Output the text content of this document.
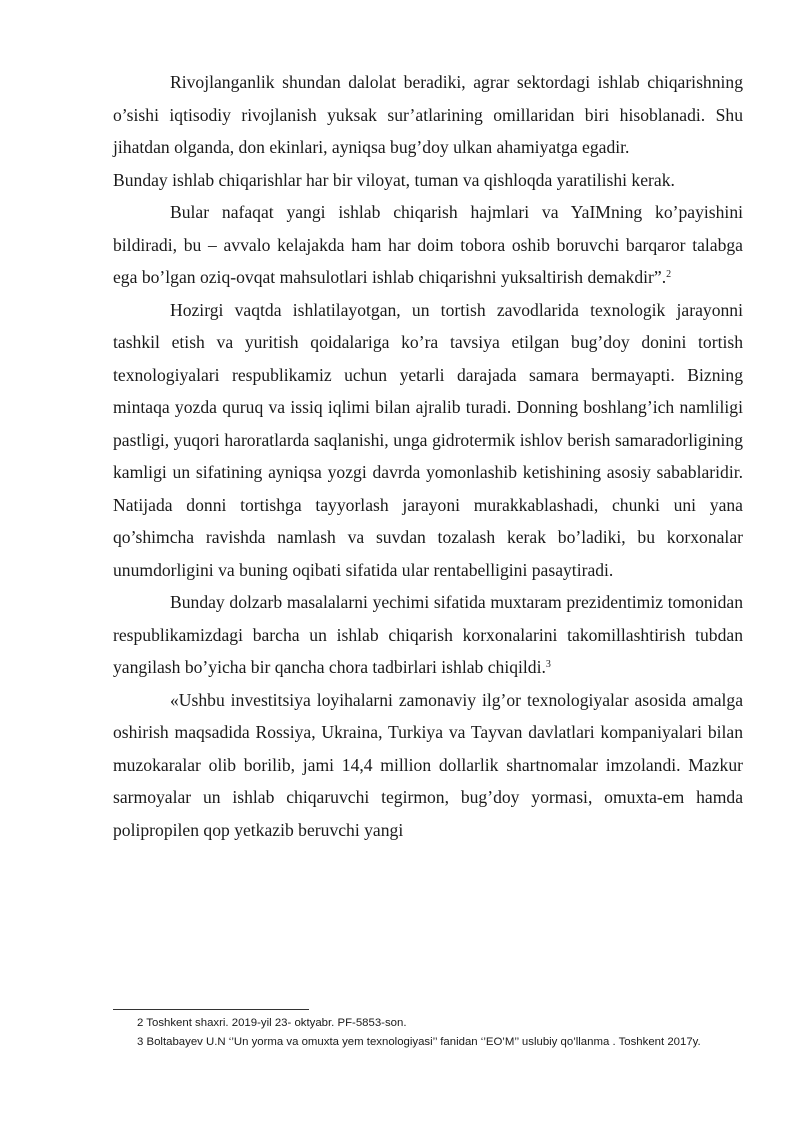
Rivojlanganlik shundan dalolat beradiki, agrar sektordagi ishlab chiqarishning o’sishi iqtisodiy rivojlanish yuksak sur’atlarining omillaridan biri hisoblanadi. Shu jihatdan olganda, don ekinlari, ayniqsa bug’doy ulkan ahamiyatga egadir.

Bunday ishlab chiqarishlar har bir viloyat, tuman va qishloqda yaratilishi kerak.

Bular nafaqat yangi ishlab chiqarish hajmlari va YaIMning ko’payishini bildiradi, bu – avvalo kelajakda ham har doim tobora oshib boruvchi barqaror talabga ega bo’lgan oziq-ovqat mahsulotlari ishlab chiqarishni yuksaltirish demakdir”.$^2$

Hozirgi vaqtda ishlatilayotgan, un tortish zavodlarida texnologik jarayonni tashkil etish va yuritish qoidalariga ko’ra tavsiya etilgan bug’doy donini tortish texnologiyalari respublikamiz uchun yetarli darajada samara bermayapti. Bizning mintaqa yozda quruq va issiq iqlimi bilan ajralib turadi. Donning boshlang’ich namliligi pastligi, yuqori haroratlarda saqlanishi, unga gidrotermik ishlov berish samaradorligining kamligi un sifatining ayniqsa yozgi davrda yomonlashib ketishining asosiy sabablaridir. Natijada donni tortishga tayyorlash jarayoni murakkablashadi, chunki uni yana qo’shimcha ravishda namlash va suvdan tozalash kerak bo’ladiki, bu korxonalar unumdorligini va buning oqibati sifatida ular rentabelligini pasaytiradi.

Bunday dolzarb masalalarni yechimi sifatida muxtaram prezidentimiz tomonidan respublikamizdagi barcha un ishlab chiqarish korxonalarini takomillashtirish tubdan yangilash bo’yicha bir qancha chora tadbirlari ishlab chiqildi.$^3$

«Ushbu investitsiya loyihalarni zamonaviy ilg’or texnologiyalar asosida amalga oshirish maqsadida Rossiya, Ukraina, Turkiya va Tayvan davlatlari kompaniyalari bilan muzokaralar olib borilib, jami 14,4 million dollarlik shartnomalar imzolandi. Mazkur sarmoyalar un ishlab chiqaruvchi tegirmon, bug’doy yormasi, omuxta-em hamda polipropilen qop yetkazib beruvchi yangi

2 Toshkent shaxri. 2019-yil 23- oktyabr. PF-5853-son.
3 Boltabayev U.N ‘’Un yorma va omuxta yem texnologiyasi’’ fanidan ‘’EO’M’’ uslubiy qo’llanma . Toshkent 2017y.
